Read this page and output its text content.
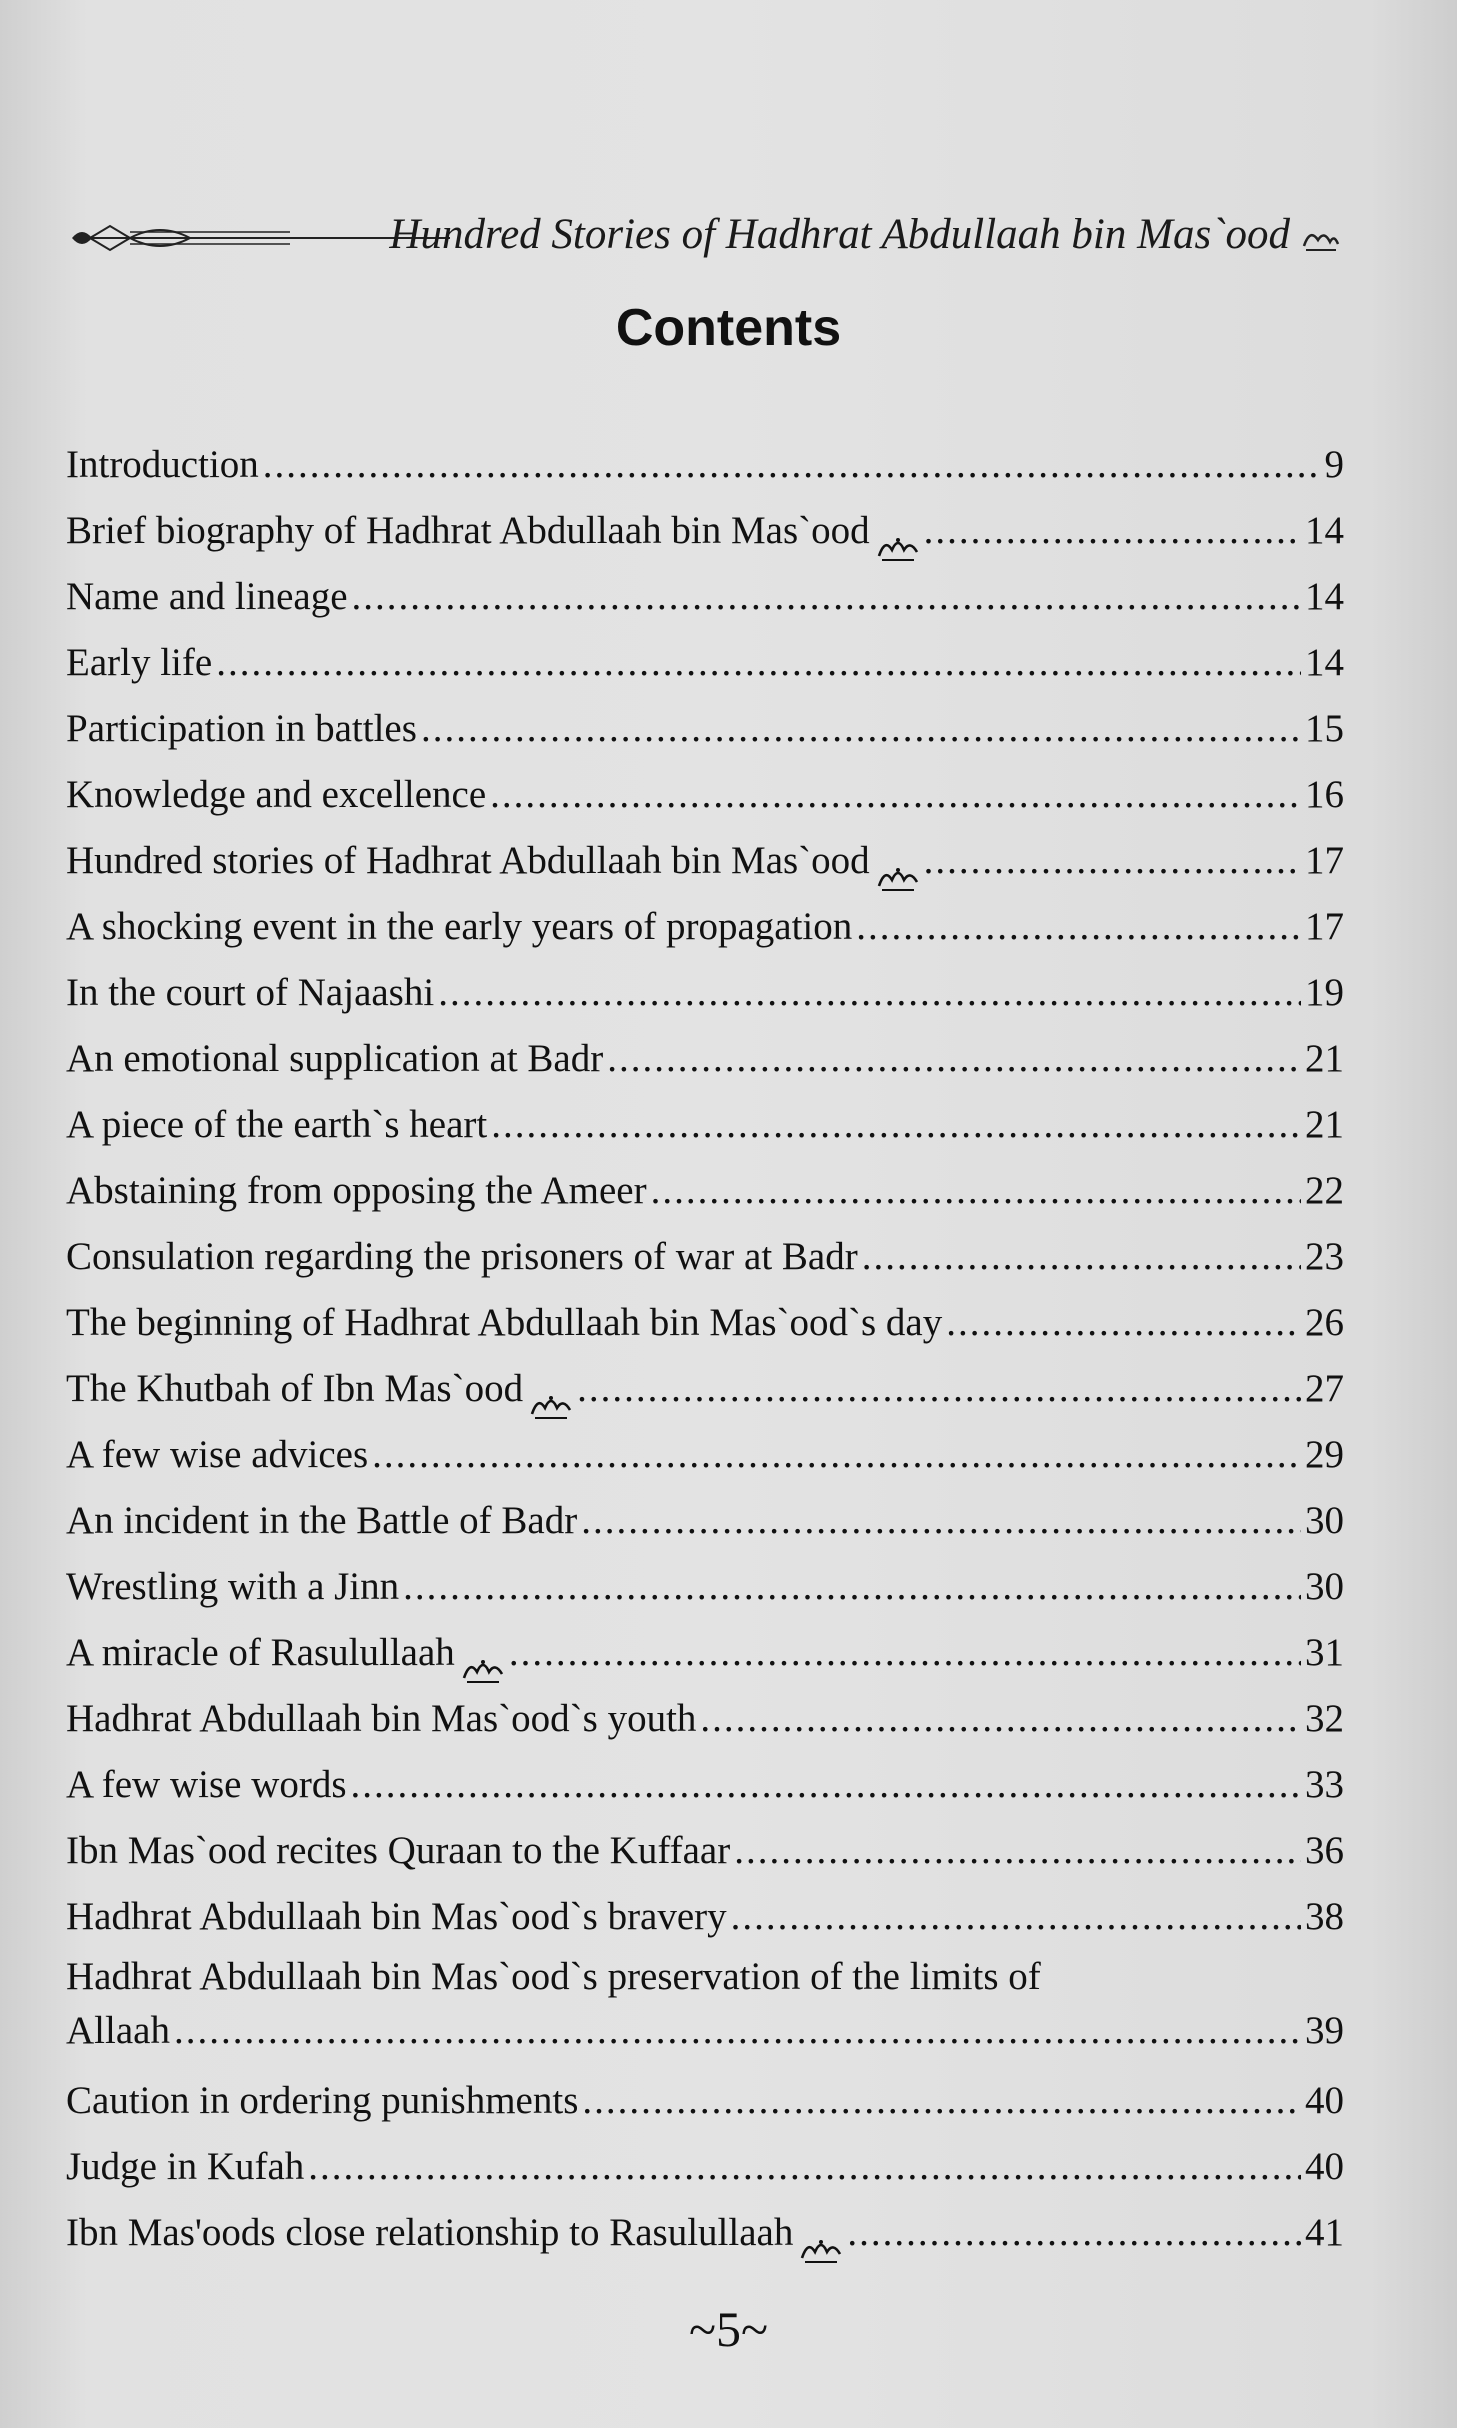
Hundred Stories of Hadhrat Abdullaah bin Mas`ood
Contents
Introduction .....	9
Brief biography of Hadhrat Abdullaah bin Mas`ood .....	14
Name and lineage .....	14
Early life .....	14
Participation in battles .....	15
Knowledge and excellence .....	16
Hundred stories of Hadhrat Abdullaah bin Mas`ood .....	17
A shocking event in the early years of propagation .....	17
In the court of Najaashi .....	19
An emotional supplication at Badr .....	21
A piece of the earth`s heart .....	21
Abstaining from opposing the Ameer .....	22
Consulation regarding the prisoners of war at Badr .....	23
The beginning of Hadhrat Abdullaah bin Mas`ood`s day .....	26
The Khutbah of Ibn Mas`ood .....	27
A few wise advices .....	29
An incident in the Battle of Badr .....	30
Wrestling with a Jinn .....	30
A miracle of Rasulullaah .....	31
Hadhrat Abdullaah bin Mas`ood`s youth .....	32
A few wise words .....	33
Ibn Mas`ood recites Quraan to the Kuffaar .....	36
Hadhrat Abdullaah bin Mas`ood`s bravery .....	38
Hadhrat Abdullaah bin Mas`ood`s preservation of the limits of
Allaah .....	39
Caution in ordering punishments .....	40
Judge in Kufah .....	40
Ibn Mas'oods close relationship to Rasulullaah .....	41
~5~
